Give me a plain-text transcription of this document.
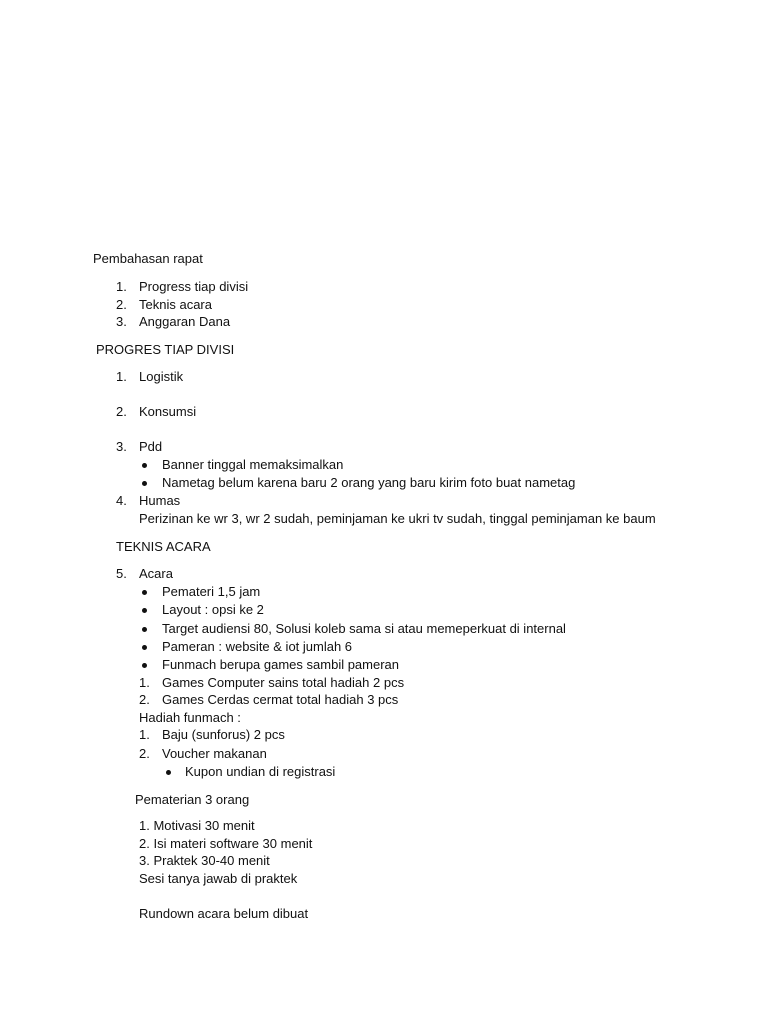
Pembahasan rapat
1. Progress tiap divisi
2. Teknis acara
3. Anggaran Dana
PROGRES TIAP DIVISI
1. Logistik
2. Konsumsi
3. Pdd
Banner tinggal memaksimalkan
Nametag belum karena baru 2 orang yang baru kirim foto buat nametag
4. Humas
Perizinan ke wr 3, wr 2 sudah, peminjaman ke ukri tv sudah, tinggal peminjaman ke baum
TEKNIS ACARA
5. Acara
Pemateri 1,5 jam
Layout : opsi ke 2
Target audiensi 80, Solusi koleb sama si atau memeperkuat di internal
Pameran : website & iot jumlah 6
Funmach berupa games sambil pameran
1. Games Computer sains total hadiah 2 pcs
2. Games Cerdas cermat total hadiah 3 pcs
Hadiah funmach :
1. Baju (sunforus) 2 pcs
2. Voucher makanan
Kupon undian di registrasi
Pematerian 3 orang
1. Motivasi 30 menit
2. Isi materi software 30 menit
3. Praktek 30-40 menit
Sesi tanya jawab di praktek
Rundown acara belum dibuat
